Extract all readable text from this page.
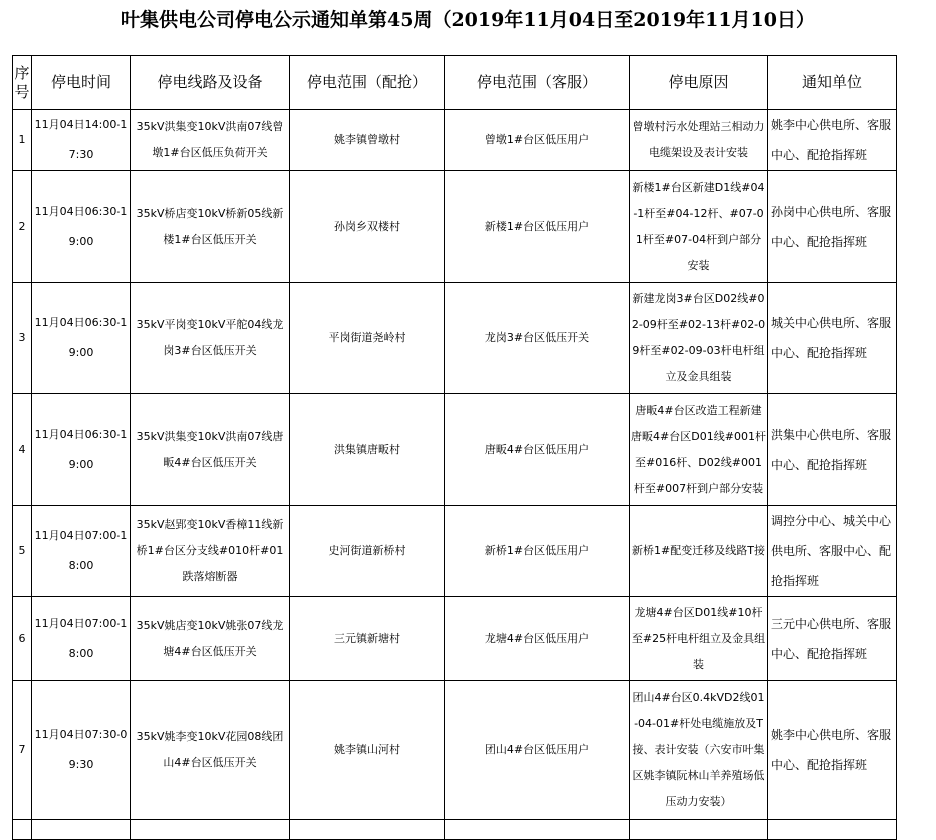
叶集供电公司停电公示通知单第45周（2019年11月04日至2019年11月10日）
序号	停电时间	停电线路及设备	停电范围（配抢）	停电范围（客服）	停电原因	通知单位
1	11月04日14:00-17:30	35kV洪集变10kV洪南07线曾墩1#台区低压负荷开关	姚李镇曾墩村	曾墩1#台区低压用户	曾墩村污水处理站三相动力电缆架设及表计安装	姚李中心供电所、客服中心、配抢指挥班
2	11月04日06:30-19:00	35kV桥店变10kV桥新05线新楼1#台区低压开关	孙岗乡双楼村	新楼1#台区低压用户	新楼1#台区新建D1线#04-1杆至#04-12杆、#07-01杆至#07-04杆到户部分安装	孙岗中心供电所、客服中心、配抢指挥班
3	11月04日06:30-19:00	35kV平岗变10kV平舵04线龙岗3#台区低压开关	平岗街道尧岭村	龙岗3#台区低压开关	新建龙岗3#台区D02线#02-09杆至#02-13杆#02-09杆至#02-09-03杆电杆组立及金具组装	城关中心供电所、客服中心、配抢指挥班
4	11月04日06:30-19:00	35kV洪集变10kV洪南07线唐畈4#台区低压开关	洪集镇唐畈村	唐畈4#台区低压用户	唐畈4#台区改造工程新建唐畈4#台区D01线#001杆至#016杆、D02线#001杆至#007杆到户部分安装	洪集中心供电所、客服中心、配抢指挥班
5	11月04日07:00-18:00	35kV赵郢变10kV香樟11线新桥1#台区分支线#010杆#01跌落熔断器	史河街道新桥村	新桥1#台区低压用户	新桥1#配变迁移及线路T接	调控分中心、城关中心供电所、客服中心、配抢指挥班
6	11月04日07:00-18:00	35kV姚店变10kV姚张07线龙塘4#台区低压开关	三元镇新塘村	龙塘4#台区低压用户	龙塘4#台区D01线#10杆至#25杆电杆组立及金具组装	三元中心供电所、客服中心、配抢指挥班
7	11月04日07:30-09:30	35kV姚李变10kV花园08线团山4#台区低压开关	姚李镇山河村	团山4#台区低压用户	团山4#台区0.4kVD2线01-04-01#杆处电缆施放及T接、表计安装（六安市叶集区姚李镇阮林山羊养殖场低压动力安装）	姚李中心供电所、客服中心、配抢指挥班
